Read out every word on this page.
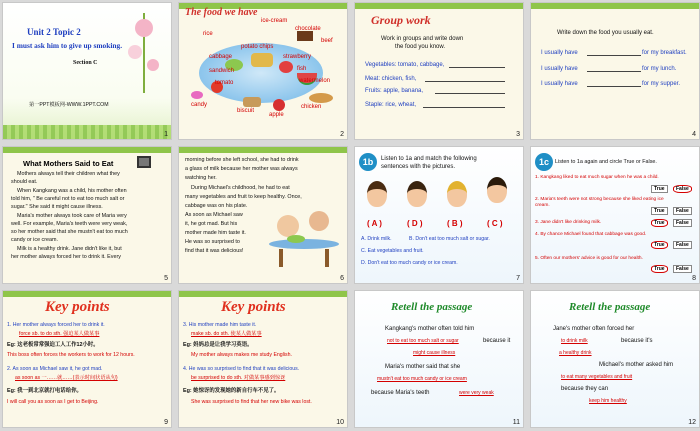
Unit 2 Topic 2
I must ask him to give up smoking.
Section C
第一PPT模板网-WWW.1PPT.COM
1
The food we have
rice
ice-cream
chocolate
beef
cabbage
potato chips
strawberry
sandwich	fish
tomato	watermelon
candy
biscuit
apple
chicken
2
Group work
Work in groups and write down
the food you know.
Vegetables: tomato, cabbage,
Meat: chicken, fish,
Fruits: apple, banana,
Staple: rice, wheat,
3
Write down the food you usually eat.
I usually have	for my breakfast.
I usually have	for my lunch.
I usually have	for my supper.
4
What Mothers Said to Eat
Mothers always tell their children what they
should eat.
When Kangkang was a child, his mother often
told him, " Be careful not to eat too much salt or
sugar." She said it might cause illness.
Maria's mother always took care of Maria very
well. For example, Maria's teeth were very weak,
so her mother said that she mustn't eat too much
candy or ice cream.
Milk is a healthy drink. Jane didn't like it, but
her mother always forced her to drink it. Every
5
morning before she left school, she had to drink
a glass of milk because her mother was always
watching her.
During Michael's childhood, he had to eat
many vegetables and fruit to keep healthy. Once,
cabbage was on his plate.
As soon as Michael saw
it, he got mad. But his
mother made him taste it.
He was so surprised to
find that it was delicious!
6
1b	Listen to 1a and match the following
sentences with the pictures.
( A )	( D )	( B )	( C )
A. Drink milk.	B. Don't eat too much salt or sugar.
C. Eat vegetables and fruit.
D. Don't eat too much candy or ice cream.
7
1c	Listen to 1a again and circle True or False.
1. Kangkang liked to eat much sugar when he was a child.
True	False
2. Maria's teeth were not strong because she liked eating ice cream.
True	False
3. Jane didn't like drinking milk.	True	False
4. By chance Michael found that cabbage was good.
True	False
5. Often our mothers' advice is good for our health.
True	False
8
Key points
1. Her mother always forced her to drink it.
force sb. to do sth. 强迫某人做某事
Eg: 这老板常常强迫工人工作12小时。
This boss often forces the workers to work for 12 hours.
2. As soon as Michael saw it, he got mad.
as soon as 一……就……(表示时间状语从句)
Eg: 我一到北京就打电话给你。
I will call you as soon as I get to Beijing.
9
Key points
3. His mother made him taste it.
make sb. do sth. 使某人做某事
Eg: 妈妈总是让我学习英语。
My mother always makes me study English.
4. He was so surprised to find that it was delicious.
be surprised to do sth. 对做某事感到惊讶
Eg: 她惊讶的发现她的新自行车不见了。
She was surprised to find that her new bike was lost.
10
Retell the passage
Kangkang's mother often told him
not to eat too much salt or sugar	because it
might cause illness
Maria's mother said that she
mustn't eat too much candy or ice cream
because Maria's teeth	were very weak
11
Retell the passage
Jane's mother often forced her
to drink milk	because it's
a healthy drink
Michael's mother asked him
to eat many vegetables and fruit
because they can
keep him healthy
12
